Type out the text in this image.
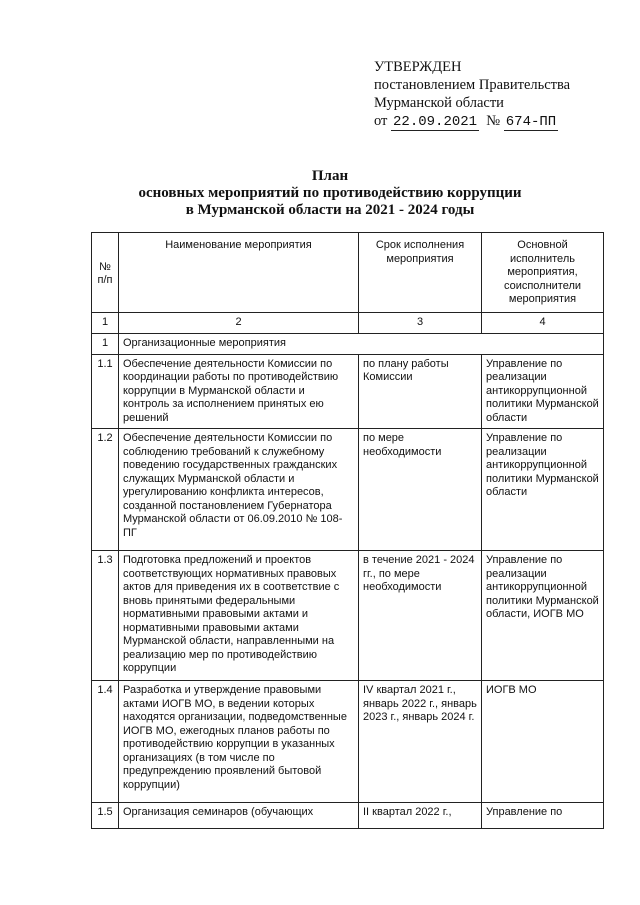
УТВЕРЖДЕН
постановлением Правительства
Мурманской области
от 22.09.2021 № 674-ПП
План
основных мероприятий по противодействию коррупции
в Мурманской области на 2021 - 2024 годы
№ п/п	Наименование мероприятия	Срок исполнения мероприятия	Основной исполнитель мероприятия, соисполнители мероприятия
1	2	3	4
1	Организационные мероприятия		
1.1	Обеспечение деятельности Комиссии по координации работы по противодействию коррупции в Мурманской области и контроль за исполнением принятых ею решений	по плану работы Комиссии	Управление по реализации антикоррупционной политики Мурманской области
1.2	Обеспечение деятельности Комиссии по соблюдению требований к служебному поведению государственных гражданских служащих Мурманской области и урегулированию конфликта интересов, созданной постановлением Губернатора Мурманской области от 06.09.2010 № 108-ПГ	по мере необходимости	Управление по реализации антикоррупционной политики Мурманской области
1.3	Подготовка предложений и проектов соответствующих нормативных правовых актов для приведения их в соответствие с вновь принятыми федеральными нормативными правовыми актами и нормативными правовыми актами Мурманской области, направленными на реализацию мер по противодействию коррупции	в течение 2021 - 2024 гг., по мере необходимости	Управление по реализации антикоррупционной политики Мурманской области, ИОГВ МО
1.4	Разработка и утверждение правовыми актами ИОГВ МО, в ведении которых находятся организации, подведомственные ИОГВ МО, ежегодных планов работы по противодействию коррупции в указанных организациях (в том числе по предупреждению проявлений бытовой коррупции)	IV квартал 2021 г., январь 2022 г., январь 2023 г., январь 2024 г.	ИОГВ МО
1.5	Организация семинаров (обучающих	II квартал 2022 г.,	Управление по
